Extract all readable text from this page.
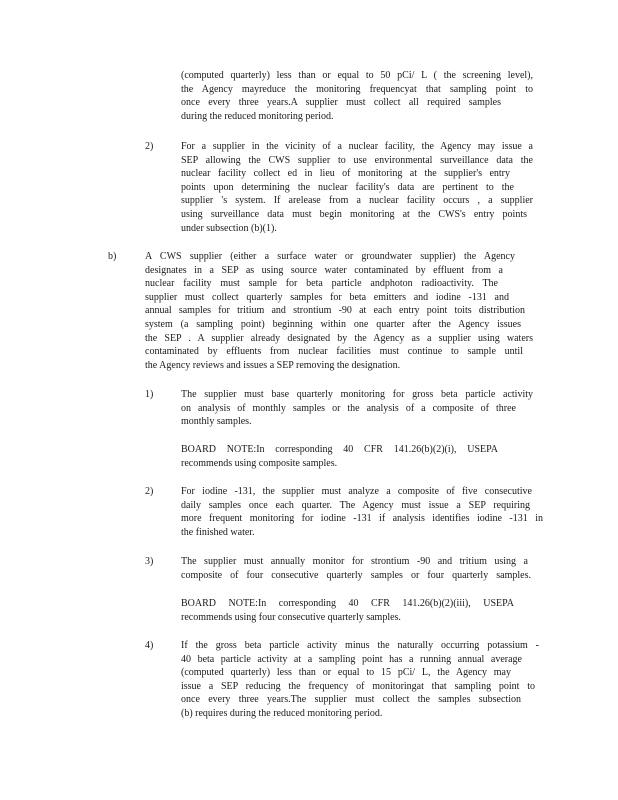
(computed quarterly) less than or equal to 50 pCi/ L ( the screening level),
the Agency mayreduce the monitoring frequencyat that sampling point to
once every three years.A supplier must collect all required samples
during the reduced monitoring period.
2)	For a supplier in the vicinity of a nuclear facility, the Agency may issue a
SEP allowing the CWS supplier to use environmental surveillance data the
nuclear facility collect ed in lieu of monitoring at the supplier's entry
points upon determining the nuclear facility's data are pertinent to the
supplier 's system. If arelease from a nuclear facility occurs , a supplier
using surveillance data must begin monitoring at the CWS's entry points
under subsection (b)(1).
b)	A CWS supplier (either a surface water or groundwater supplier) the Agency
designates in a SEP as using source water contaminated by effluent from a
nuclear facility must sample for beta particle andphoton radioactivity. The
supplier must collect quarterly samples for beta emitters and iodine -131 and
annual samples for tritium and strontium -90 at each entry point toits distribution
system (a sampling point) beginning within one quarter after the Agency issues
the SEP . A supplier already designated by the Agency as a supplier using waters
contaminated by effluents from nuclear facilities must continue to sample until
the Agency reviews and issues a SEP removing the designation.
1)	The supplier must base quarterly monitoring for gross beta particle activity
on analysis of monthly samples or the analysis of a composite of three
monthly samples.
BOARD NOTE:In corresponding 40 CFR 141.26(b)(2)(i), USEPA
recommends using composite samples.
2)	For iodine -131, the supplier must analyze a composite of five consecutive
daily samples once each quarter. The Agency must issue a SEP requiring
more frequent monitoring for iodine -131 if analysis identifies iodine -131 in
the finished water.
3)	The supplier must annually monitor for strontium -90 and tritium using a
composite of four consecutive quarterly samples or four quarterly samples.
BOARD NOTE:In corresponding 40 CFR 141.26(b)(2)(iii), USEPA
recommends using four consecutive quarterly samples.
4)	If the gross beta particle activity minus the naturally occurring potassium -
40 beta particle activity at a sampling point has a running annual average
(computed quarterly) less than or equal to 15 pCi/ L, the Agency may
issue a SEP reducing the frequency of monitoringat that sampling point to
once every three years.The supplier must collect the samples subsection
(b) requires during the reduced monitoring period.
